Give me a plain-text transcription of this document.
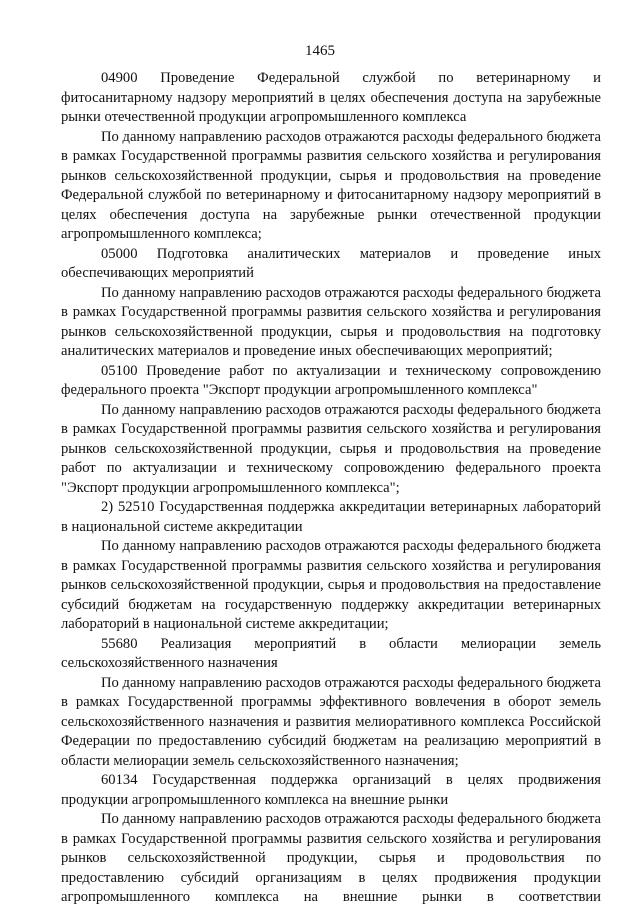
1465

04900 Проведение Федеральной службой по ветеринарному и фитосанитарному надзору мероприятий в целях обеспечения доступа на зарубежные рынки отечественной продукции агропромышленного комплекса

По данному направлению расходов отражаются расходы федерального бюджета в рамках Государственной программы развития сельского хозяйства и регулирования рынков сельскохозяйственной продукции, сырья и продовольствия на проведение Федеральной службой по ветеринарному и фитосанитарному надзору мероприятий в целях обеспечения доступа на зарубежные рынки отечественной продукции агропромышленного комплекса;

05000 Подготовка аналитических материалов и проведение иных обеспечивающих мероприятий

По данному направлению расходов отражаются расходы федерального бюджета в рамках Государственной программы развития сельского хозяйства и регулирования рынков сельскохозяйственной продукции, сырья и продовольствия на подготовку аналитических материалов и проведение иных обеспечивающих мероприятий;

05100 Проведение работ по актуализации и техническому сопровождению федерального проекта "Экспорт продукции агропромышленного комплекса"

По данному направлению расходов отражаются расходы федерального бюджета в рамках Государственной программы развития сельского хозяйства и регулирования рынков сельскохозяйственной продукции, сырья и продовольствия на проведение работ по актуализации и техническому сопровождению федерального проекта "Экспорт продукции агропромышленного комплекса";

2) 52510 Государственная поддержка аккредитации ветеринарных лабораторий в национальной системе аккредитации

По данному направлению расходов отражаются расходы федерального бюджета в рамках Государственной программы развития сельского хозяйства и регулирования рынков сельскохозяйственной продукции, сырья и продовольствия на предоставление субсидий бюджетам на государственную поддержку аккредитации ветеринарных лабораторий в национальной системе аккредитации;

55680 Реализация мероприятий в области мелиорации земель сельскохозяйственного назначения

По данному направлению расходов отражаются расходы федерального бюджета в рамках Государственной программы эффективного вовлечения в оборот земель сельскохозяйственного назначения и развития мелиоративного комплекса Российской Федерации по предоставлению субсидий бюджетам на реализацию мероприятий в области мелиорации земель сельскохозяйственного назначения;

60134 Государственная поддержка организаций в целях продвижения продукции агропромышленного комплекса на внешние рынки

По данному направлению расходов отражаются расходы федерального бюджета в рамках Государственной программы развития сельского хозяйства и регулирования рынков сельскохозяйственной продукции, сырья и продовольствия по предоставлению субсидий организациям в целях продвижения продукции агропромышленного комплекса на внешние рынки в соответствии
